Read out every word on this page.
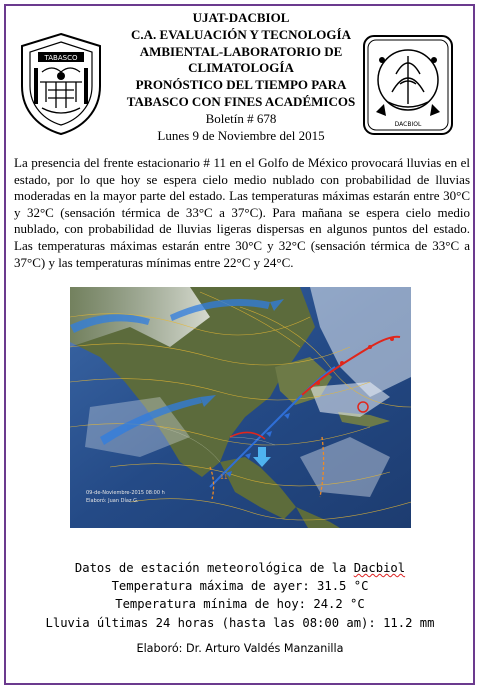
TABASCO
DACBIOL
UJAT-DACBIOL
C.A. EVALUACIÓN Y TECNOLOGÍA
AMBIENTAL-LABORATORIO DE
CLIMATOLOGÍA
PRONÓSTICO DEL TIEMPO PARA
TABASCO CON FINES ACADÉMICOS
Boletín # 678
Lunes 9 de Noviembre del 2015
La presencia del frente estacionario # 11 en el Golfo de México provocará lluvias en el estado, por lo que hoy se espera cielo medio nublado con probabilidad de lluvias moderadas en la mayor parte del estado. Las temperaturas máximas estarán entre 30°C y 32°C (sensación térmica de 33°C a 37°C). Para mañana se espera cielo medio nublado, con probabilidad de lluvias ligeras dispersas en algunos puntos del estado. Las temperaturas máximas estarán entre 30°C y 32°C (sensación térmica de 33°C a 37°C) y las temperaturas mínimas entre 22°C y 24°C.
11
09-de-Noviembre-2015 08:00 h
Elaboró: Juan Díaz G.
Datos de estación meteorológica de la Dacbiol
Temperatura máxima de ayer: 31.5 °C
Temperatura mínima de hoy: 24.2 °C
Lluvia últimas 24 horas (hasta las 08:00 am): 11.2 mm
Elaboró: Dr. Arturo Valdés Manzanilla
